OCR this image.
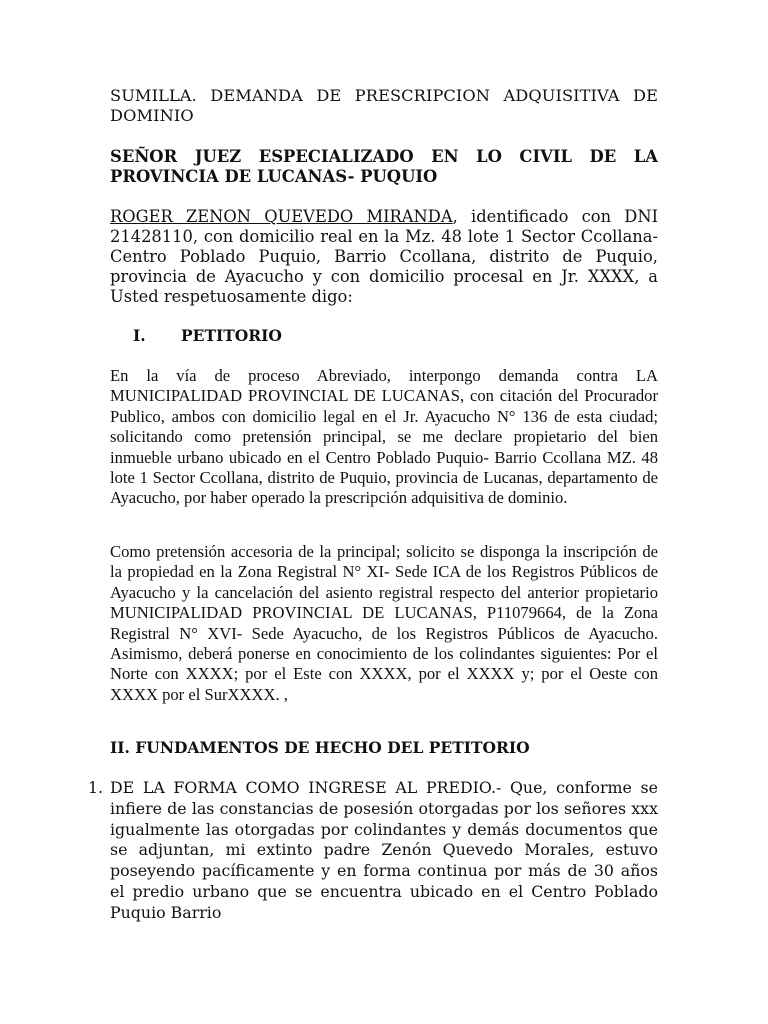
SUMILLA. DEMANDA DE PRESCRIPCION ADQUISITIVA DE DOMINIO
SEÑOR JUEZ ESPECIALIZADO EN LO CIVIL DE LA PROVINCIA DE LUCANAS- PUQUIO
ROGER ZENON QUEVEDO MIRANDA, identificado con DNI 21428110, con domicilio real en la Mz. 48 lote 1 Sector Ccollana- Centro Poblado Puquio, Barrio Ccollana, distrito de Puquio, provincia de Ayacucho y con domicilio procesal en Jr. XXXX, a Usted respetuosamente digo:
I. PETITORIO
En la vía de proceso Abreviado, interpongo demanda contra LA MUNICIPALIDAD PROVINCIAL DE LUCANAS, con citación del Procurador Publico, ambos con domicilio legal en el Jr. Ayacucho N° 136 de esta ciudad; solicitando como pretensión principal, se me declare propietario del bien inmueble urbano ubicado en el Centro Poblado Puquio- Barrio Ccollana MZ. 48 lote 1 Sector Ccollana, distrito de Puquio, provincia de Lucanas, departamento de Ayacucho, por haber operado la prescripción adquisitiva de dominio.
Como pretensión accesoria de la principal; solicito se disponga la inscripción de la propiedad en la Zona Registral N° XI- Sede ICA de los Registros Públicos de Ayacucho y la cancelación del asiento registral respecto del anterior propietario MUNICIPALIDAD PROVINCIAL DE LUCANAS, P11079664, de la Zona Registral N° XVI- Sede Ayacucho, de los Registros Públicos de Ayacucho. Asimismo, deberá ponerse en conocimiento de los colindantes siguientes: Por el Norte con XXXX; por el Este con XXXX, por el XXXX y; por el Oeste con XXXX por el SurXXXX. ,
II. FUNDAMENTOS DE HECHO DEL PETITORIO
1. DE LA FORMA COMO INGRESE AL PREDIO.- Que, conforme se infiere de las constancias de posesión otorgadas por los señores xxx igualmente las otorgadas por colindantes y demás documentos que se adjuntan, mi extinto padre Zenón Quevedo Morales, estuvo poseyendo pacíficamente y en forma continua por más de 30 años el predio urbano que se encuentra ubicado en el Centro Poblado Puquio Barrio
